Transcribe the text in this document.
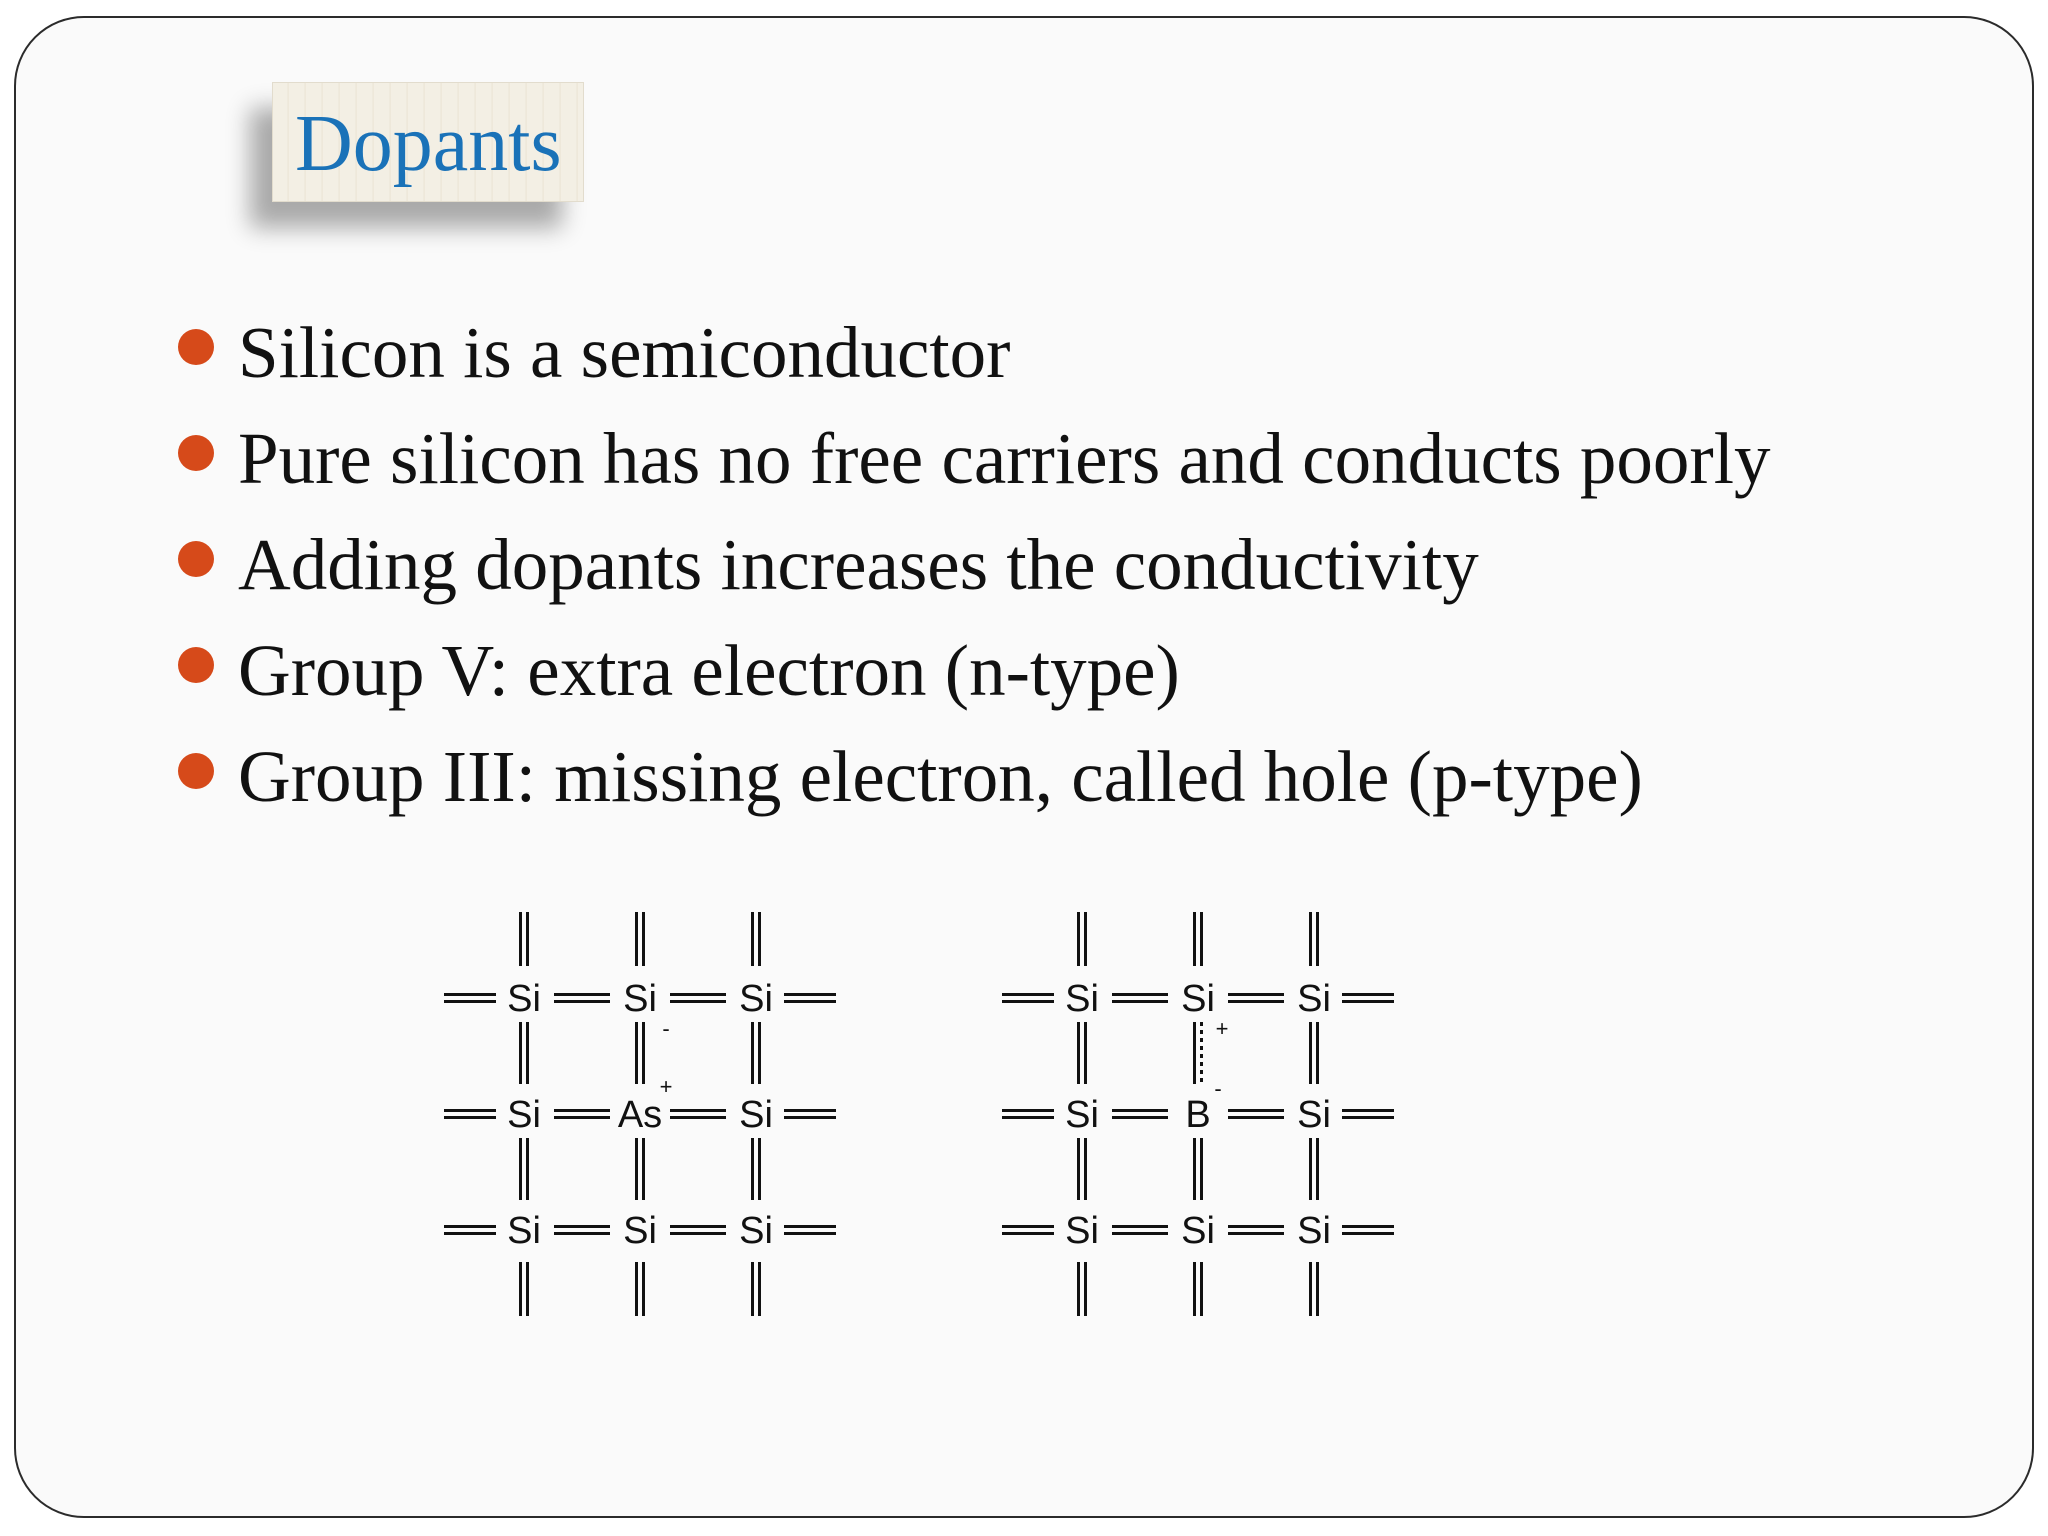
Dopants
Silicon is a semiconductor
Pure silicon has no free carriers and conducts poorly
Adding dopants increases the conductivity
Group V: extra electron (n-type)
Group III: missing electron, called hole (p-type)
Si Si Si
Si As Si
Si Si Si
-
+
Si Si Si
Si B Si
Si Si Si
+
-
